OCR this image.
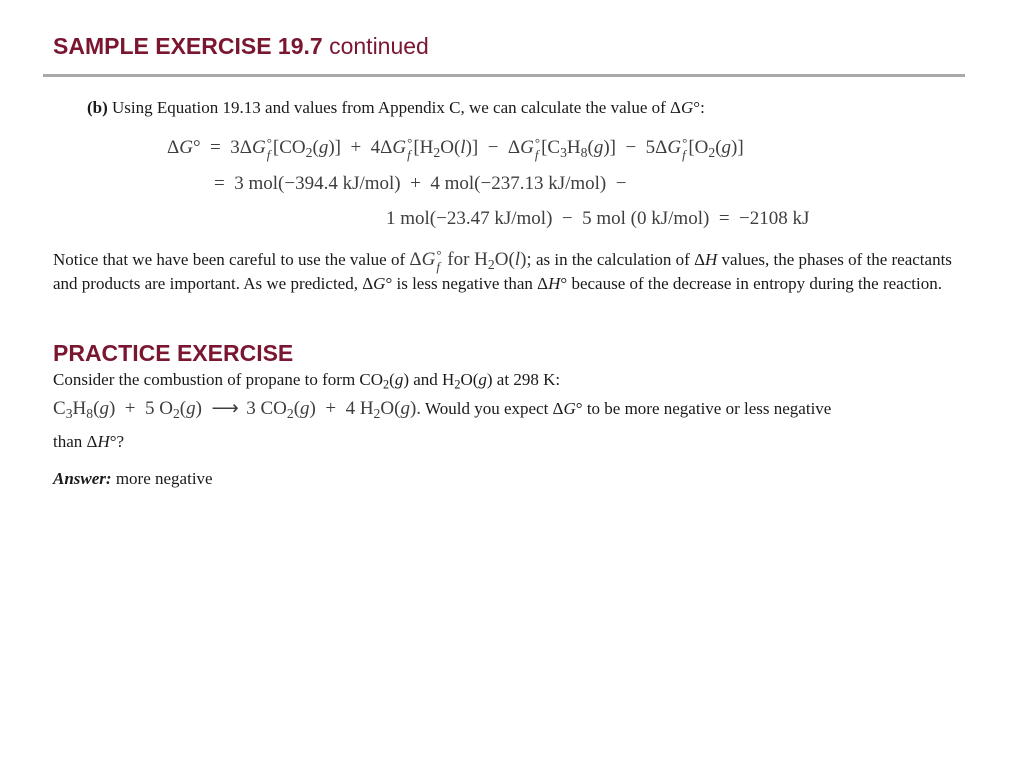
SAMPLE EXERCISE 19.7 continued
(b) Using Equation 19.13 and values from Appendix C, we can calculate the value of ΔG°:
ΔG°  =  3ΔG °
f $[CO_2(g)] + 4\Delta G$ °
f $[H_2O(l)] - \Delta G$ °
f $[C_3H_8(g)] - 5\Delta G$ °
f $[O_2(g)]$
=  3 mol(−394.4 kJ/mol)  +  4 mol(−237.13 kJ/mol)  −
1 mol(−23.47 kJ/mol)  −  5 mol (0 kJ/mol)  =  −2108 kJ
Notice that we have been careful to use the value of ΔG °
f for $H_2O(l)$; as in the calculation of ΔH values, the phases of the reactants and products are important. As we predicted, ΔG° is less negative than ΔH° because of the decrease in entropy during the reaction.
PRACTICE EXERCISE
Consider the combustion of propane to form $CO_2(g)$ and $H_2O(g)$ at 298 K:
$C_3H_8(g) + 5$ $O_2(g)$  ⟶  3 $CO_2(g) + 4$ $H_2O(g)$. Would you expect ΔG° to be more negative or less negative
than ΔH°?
Answer: more negative
